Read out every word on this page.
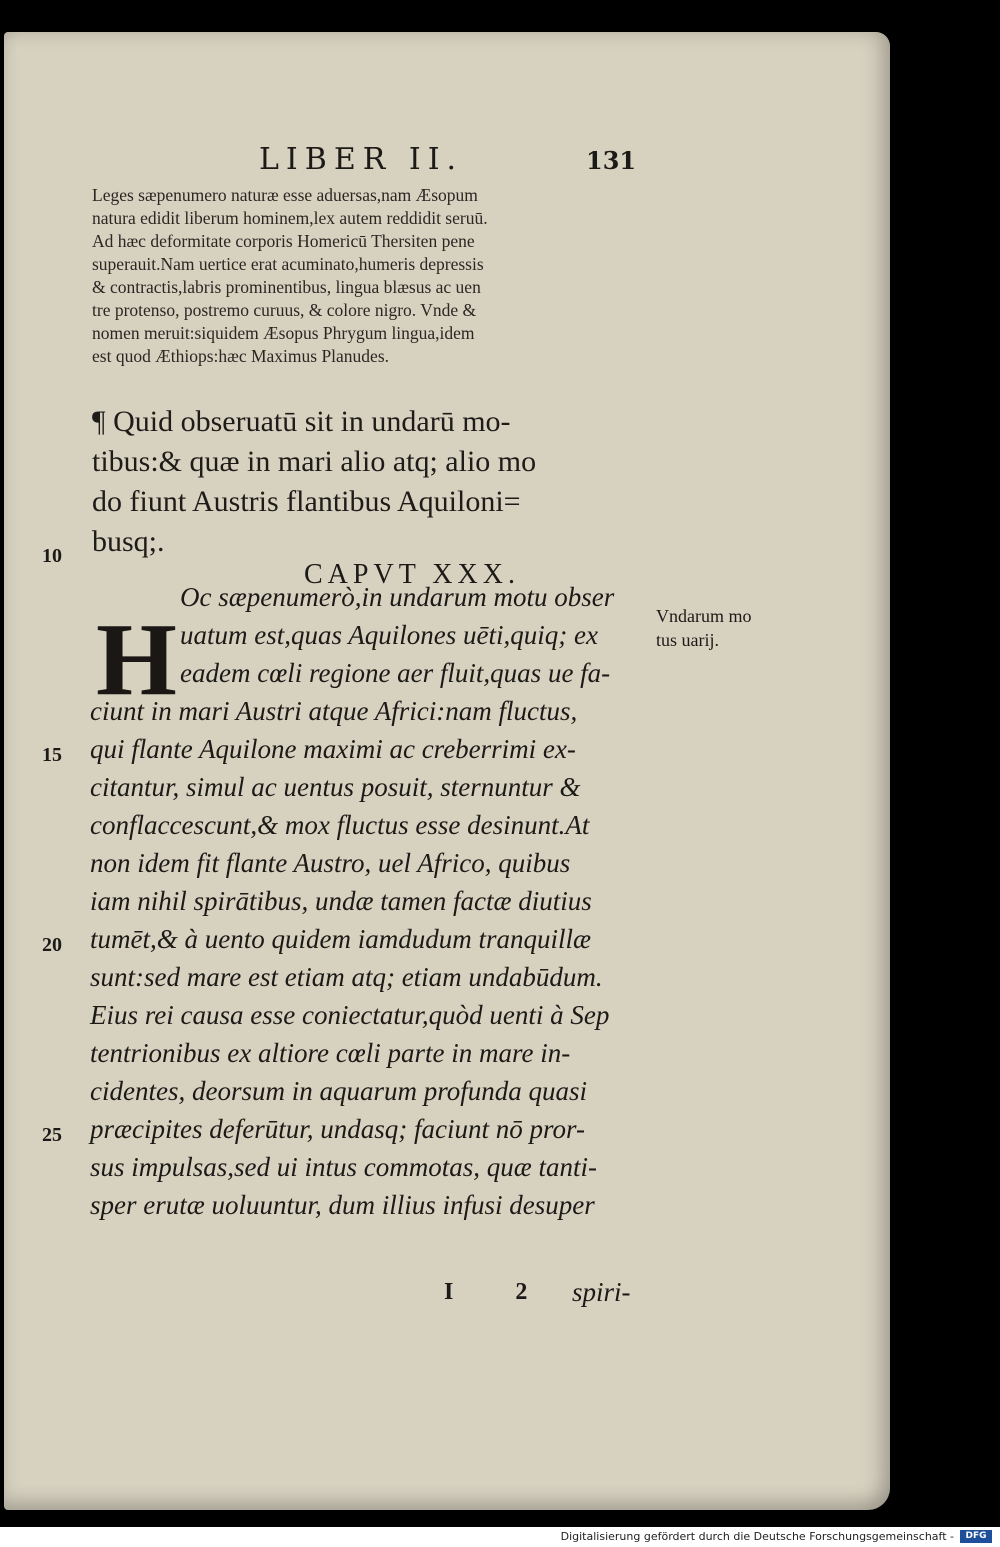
LIBER II.	131
Leges sæpenumero naturæ esse aduersas,nam Æsopum
natura edidit liberum hominem,lex autem reddidit seruū.
Ad hæc deformitate corporis Homericū Thersiten pene
superauit.Nam uertice erat acuminato,humeris depressis
& contractis,labris prominentibus, lingua blæsus ac uen
tre protenso, postremo curuus, & colore nigro. Vnde &
nomen meruit:siquidem Æsopus Phrygum lingua,idem
est quod Æthiops:hæc Maximus Planudes.
¶ Quid obseruatū sit in undarū mo-
tibus:& quæ in mari alio atq; alio mo
do fiunt Austris flantibus Aquiloni=
busq;.
CAPVT XXX.
10
H
Oc sæpenumerò,in undarum motu obser
uatum est,quas Aquilones uēti,quiq; ex
eadem cœli regione aer fluit,quas ue fa-
ciunt in mari Austri atque Africi:nam fluctus,
qui flante Aquilone maximi ac creberrimi ex-
citantur, simul ac uentus posuit, sternuntur &
conflaccescunt,& mox fluctus esse desinunt.At
non idem fit flante Austro, uel Africo, quibus
iam nihil spirātibus, undæ tamen factæ diutius
tumēt,& à uento quidem iamdudum tranquillæ
sunt:sed mare est etiam atq; etiam undabūdum.
Eius rei causa esse coniectatur,quòd uenti à Sep
tentrionibus ex altiore cœli parte in mare in-
cidentes, deorsum in aquarum profunda quasi
præcipites deferūtur, undasq; faciunt nō pror-
sus impulsas,sed ui intus commotas, quæ tanti-
sper erutæ uoluuntur, dum illius infusi desuper
15
20
25
Vndarum mo
tus uarij.
I 2 spiri-
Digitalisierung gefördert durch die Deutsche Forschungsgemeinschaft -	DFG
